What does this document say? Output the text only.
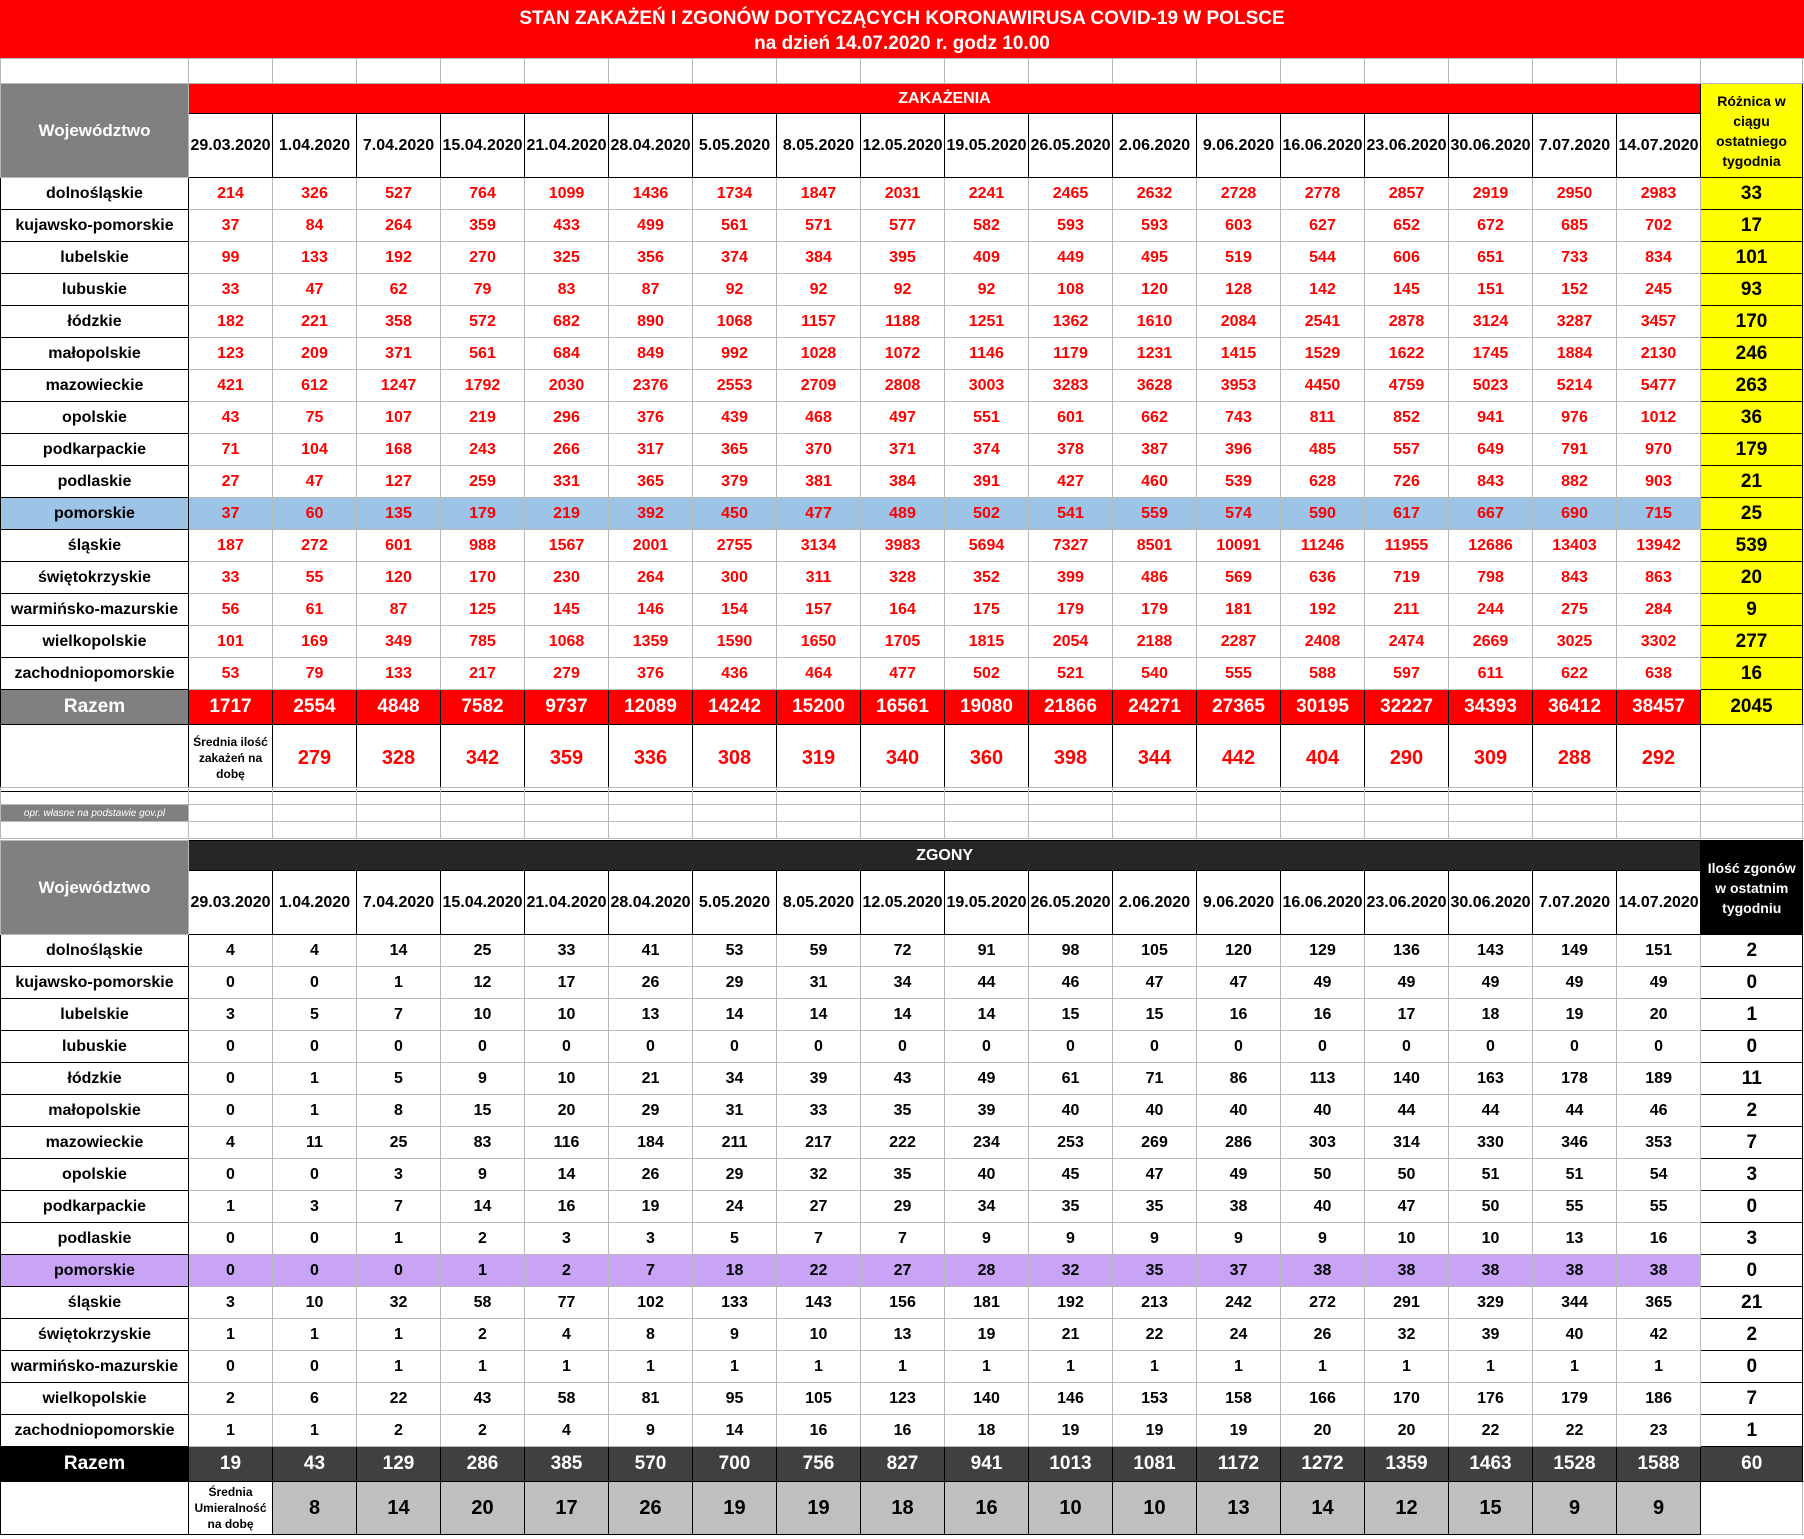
STAN ZAKAŻEŃ I ZGONÓW DOTYCZĄCYCH KORONAWIRUSA COVID-19 W POLSCE
na dzień 14.07.2020 r. godz 10.00

Województwo	ZAKAŻENIA																		Różnica w ciągu ostatniego tygodnia	
	29.03.2020	1.04.2020	7.04.2020	15.04.2020	21.04.2020	28.04.2020	5.05.2020	8.05.2020	12.05.2020	19.05.2020	26.05.2020	2.06.2020	9.06.2020	16.06.2020	23.06.2020	30.06.2020	7.07.2020	14.07.2020		
dolnośląskie	214	326	527	764	1099	1436	1734	1847	2031	2241	2465	2632	2728	2778	2857	2919	2950	2983	33	
kujawsko-pomorskie	37	84	264	359	433	499	561	571	577	582	593	593	603	627	652	672	685	702	17	
lubelskie	99	133	192	270	325	356	374	384	395	409	449	495	519	544	606	651	733	834	101	
lubuskie	33	47	62	79	83	87	92	92	92	92	108	120	128	142	145	151	152	245	93	
łódzkie	182	221	358	572	682	890	1068	1157	1188	1251	1362	1610	2084	2541	2878	3124	3287	3457	170	
małopolskie	123	209	371	561	684	849	992	1028	1072	1146	1179	1231	1415	1529	1622	1745	1884	2130	246	
mazowieckie	421	612	1247	1792	2030	2376	2553	2709	2808	3003	3283	3628	3953	4450	4759	5023	5214	5477	263	
opolskie	43	75	107	219	296	376	439	468	497	551	601	662	743	811	852	941	976	1012	36	
podkarpackie	71	104	168	243	266	317	365	370	371	374	378	387	396	485	557	649	791	970	179	
podlaskie	27	47	127	259	331	365	379	381	384	391	427	460	539	628	726	843	882	903	21	
pomorskie	37	60	135	179	219	392	450	477	489	502	541	559	574	590	617	667	690	715	25	
śląskie	187	272	601	988	1567	2001	2755	3134	3983	5694	7327	8501	10091	11246	11955	12686	13403	13942	539	
świętokrzyskie	33	55	120	170	230	264	300	311	328	352	399	486	569	636	719	798	843	863	20	
warmińsko-mazurskie	56	61	87	125	145	146	154	157	164	175	179	179	181	192	211	244	275	284	9	
wielkopolskie	101	169	349	785	1068	1359	1590	1650	1705	1815	2054	2188	2287	2408	2474	2669	3025	3302	277	
zachodniopomorskie	53	79	133	217	279	376	436	464	477	502	521	540	555	588	597	611	622	638	16	
Razem	1717	2554	4848	7582	9737	12089	14242	15200	16561	19080	21866	24271	27365	30195	32227	34393	36412	38457	2045	
	Średnia ilość zakażeń na dobę	279	328	342	359	336	308	319	340	360	398	344	442	404	290	309	288	292		

opr. własne na podstawie gov.pl																				

Województwo	ZGONY																		Ilość zgonów w ostatnim tygodniu	
	29.03.2020	1.04.2020	7.04.2020	15.04.2020	21.04.2020	28.04.2020	5.05.2020	8.05.2020	12.05.2020	19.05.2020	26.05.2020	2.06.2020	9.06.2020	16.06.2020	23.06.2020	30.06.2020	7.07.2020	14.07.2020		
dolnośląskie	4	4	14	25	33	41	53	59	72	91	98	105	120	129	136	143	149	151	2	
kujawsko-pomorskie	0	0	1	12	17	26	29	31	34	44	46	47	47	49	49	49	49	49	0	
lubelskie	3	5	7	10	10	13	14	14	14	14	15	15	16	16	17	18	19	20	1	
lubuskie	0	0	0	0	0	0	0	0	0	0	0	0	0	0	0	0	0	0	0	
łódzkie	0	1	5	9	10	21	34	39	43	49	61	71	86	113	140	163	178	189	11	
małopolskie	0	1	8	15	20	29	31	33	35	39	40	40	40	40	44	44	44	46	2	
mazowieckie	4	11	25	83	116	184	211	217	222	234	253	269	286	303	314	330	346	353	7	
opolskie	0	0	3	9	14	26	29	32	35	40	45	47	49	50	50	51	51	54	3	
podkarpackie	1	3	7	14	16	19	24	27	29	34	35	35	38	40	47	50	55	55	0	
podlaskie	0	0	1	2	3	3	5	7	7	9	9	9	9	9	10	10	13	16	3	
pomorskie	0	0	0	1	2	7	18	22	27	28	32	35	37	38	38	38	38	38	0	
śląskie	3	10	32	58	77	102	133	143	156	181	192	213	242	272	291	329	344	365	21	
świętokrzyskie	1	1	1	2	4	8	9	10	13	19	21	22	24	26	32	39	40	42	2	
warmińsko-mazurskie	0	0	1	1	1	1	1	1	1	1	1	1	1	1	1	1	1	1	0	
wielkopolskie	2	6	22	43	58	81	95	105	123	140	146	153	158	166	170	176	179	186	7	
zachodniopomorskie	1	1	2	2	4	9	14	16	16	18	19	19	19	20	20	22	22	23	1	
Razem	19	43	129	286	385	570	700	756	827	941	1013	1081	1172	1272	1359	1463	1528	1588	60	
	Średnia Umieralność na dobę	8	14	20	17	26	19	19	18	16	10	10	13	14	12	15	9	9		
